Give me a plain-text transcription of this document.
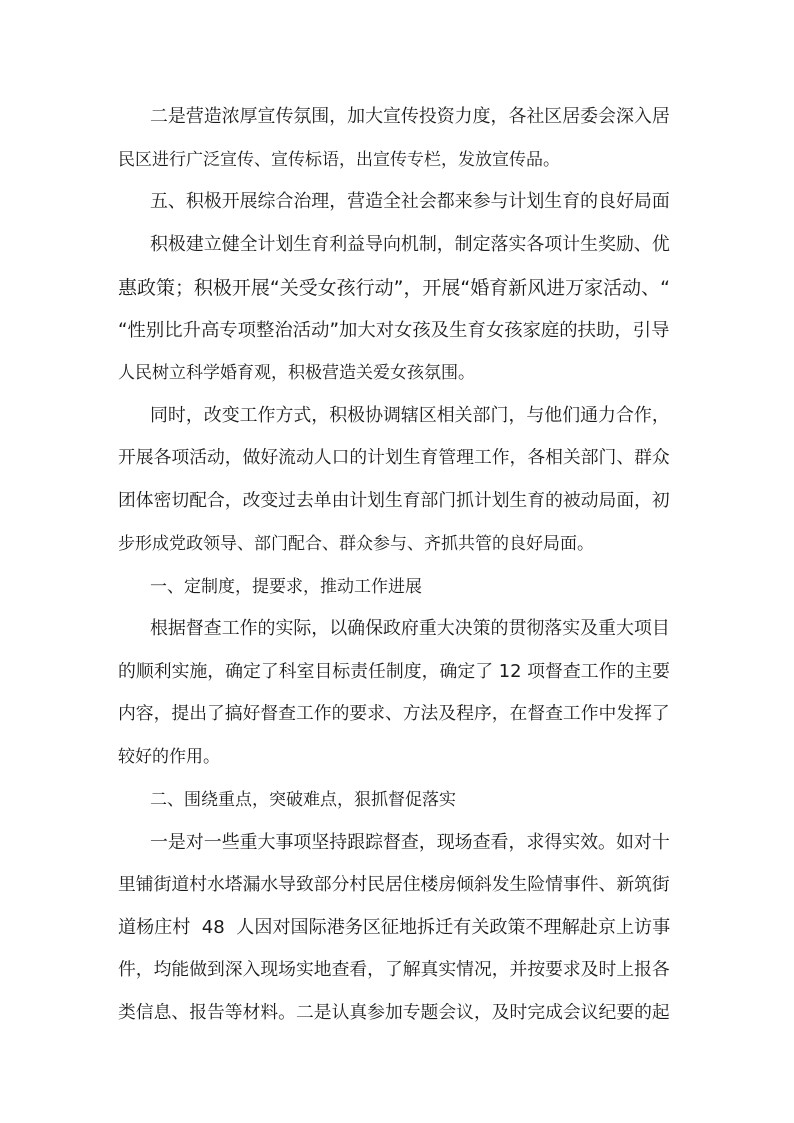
二是营造浓厚宣传氛围，加大宣传投资力度，各社区居委会深入居
民区进行广泛宣传、宣传标语，出宣传专栏，发放宣传品。
五、积极开展综合治理，营造全社会都来参与计划生育的良好局面
积极建立健全计划生育利益导向机制，制定落实各项计生奖励、优
惠政策；积极开展“关受女孩行动”，开展“婚育新风进万家活动、“
“性别比升高专项整治活动”加大对女孩及生育女孩家庭的扶助，引导
人民树立科学婚育观，积极营造关爱女孩氛围。
同时，改变工作方式，积极协调辖区相关部门，与他们通力合作，
开展各项活动，做好流动人口的计划生育管理工作，各相关部门、群众
团体密切配合，改变过去单由计划生育部门抓计划生育的被动局面，初
步形成党政领导、部门配合、群众参与、齐抓共管的良好局面。
一、定制度，提要求，推动工作进展
根据督查工作的实际，以确保政府重大决策的贯彻落实及重大项目
的顺利实施，确定了科室目标责任制度，确定了 12 项督查工作的主要
内容，提出了搞好督查工作的要求、方法及程序，在督查工作中发挥了
较好的作用。
二、围绕重点，突破难点，狠抓督促落实
一是对一些重大事项坚持跟踪督查，现场查看，求得实效。如对十
里铺街道村水塔漏水导致部分村民居住楼房倾斜发生险情事件、新筑街
道杨庄村  48  人因对国际港务区征地拆迁有关政策不理解赴京上访事
件，均能做到深入现场实地查看，了解真实情况，并按要求及时上报各
类信息、报告等材料。二是认真参加专题会议，及时完成会议纪要的起
